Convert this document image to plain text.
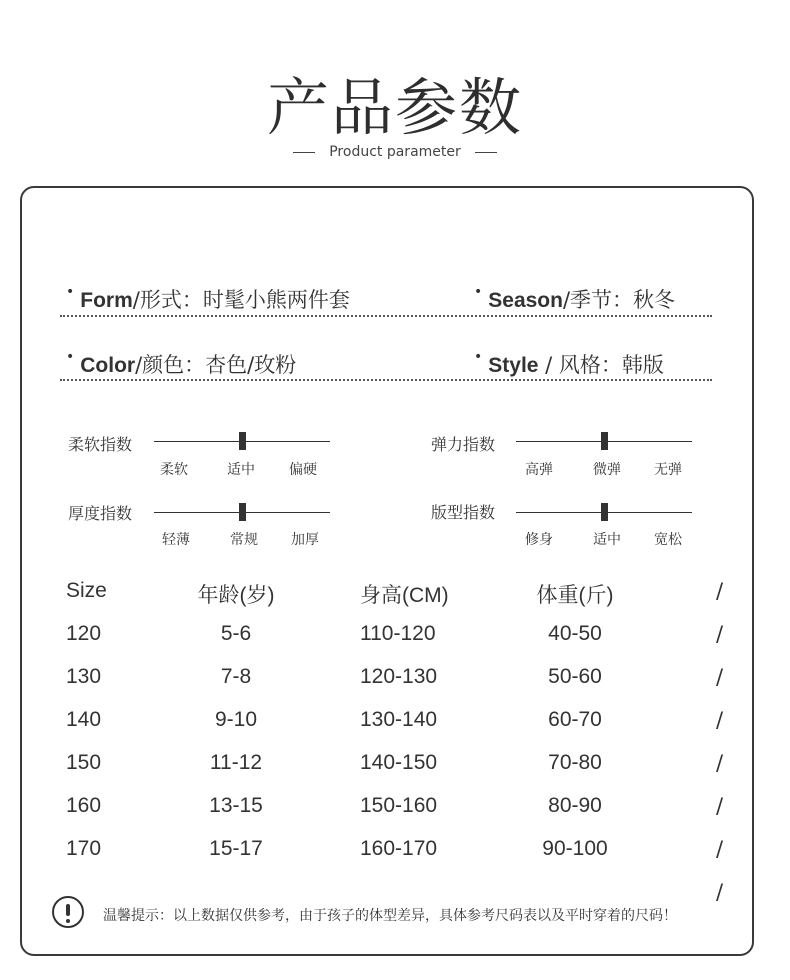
产品参数
Product parameter
• Form/形式：时髦小熊两件套	• Season/季节：秋冬
• Color/颜色：杏色/玫粉	• Style / 风格：韩版
柔软指数
柔软	适中 偏硬
弹力指数
高弹	微弹 无弹
厚度指数
轻薄	常规 加厚
版型指数
修身	适中 宽松
Size	年龄(岁)	身高(CM)	体重(斤)	/
120	5-6	110-120	40-50	/
130	7-8	120-130	50-60	/
140	9-10	130-140	60-70	/
150	11-12	140-150	70-80	/
160	13-15	150-160	80-90	/
170	15-17	160-170	90-100	/
/
温馨提示：以上数据仅供参考，由于孩子的体型差异，具体参考尺码表以及平时穿着的尺码！
